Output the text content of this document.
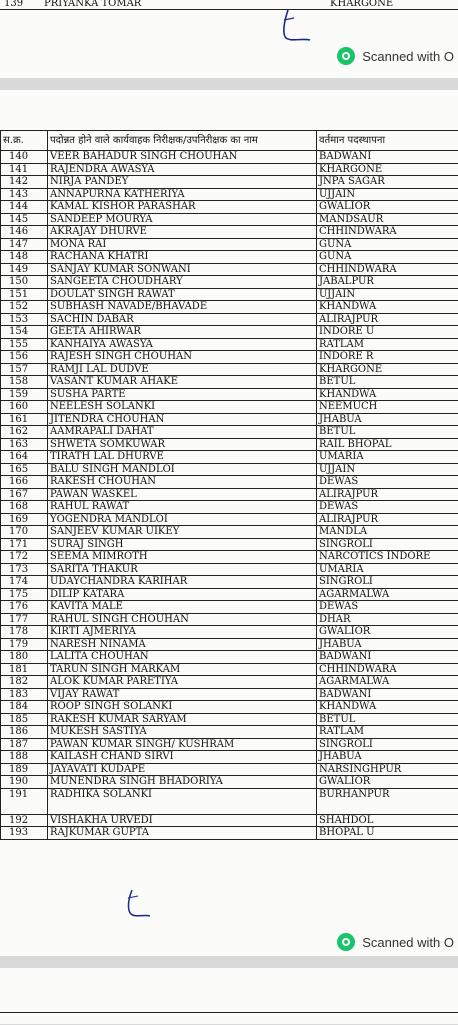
139 PRIYANKA TOMAR	KHARGONE
Scanned with O
स.क्र.	पदोन्नत होने वाले कार्यवाहक निरीक्षक/उपनिरीक्षक का नाम	वर्तमान पदस्थापना
140	VEER BAHADUR SINGH CHOUHAN	BADWANI
141	RAJENDRA AWASYA	KHARGONE
142	NIRJA PANDEY	JNPA SAGAR
143	ANNAPURNA KATHERIYA	UJJAIN
144	KAMAL KISHOR PARASHAR	GWALIOR
145	SANDEEP MOURYA	MANDSAUR
146	AKRAJAY DHURVE	CHHINDWARA
147	MONA RAI	GUNA
148	RACHANA KHATRI	GUNA
149	SANJAY KUMAR SONWANI	CHHINDWARA
150	SANGEETA CHOUDHARY	JABALPUR
151	DOULAT SINGH RAWAT	UJJAIN
152	SUBHASH NAVADE/BHAVADE	KHANDWA
153	SACHIN DABAR	ALIRAJPUR
154	GEETA AHIRWAR	INDORE U
155	KANHAIYA AWASYA	RATLAM
156	RAJESH SINGH CHOUHAN	INDORE R
157	RAMJI LAL DUDVE	KHARGONE
158	VASANT KUMAR AHAKE	BETUL
159	SUSHA PARTE	KHANDWA
160	NEELESH SOLANKI	NEEMUCH
161	JITENDRA CHOUHAN	JHABUA
162	AAMRAPALI DAHAT	BETUL
163	SHWETA SOMKUWAR	RAIL BHOPAL
164	TIRATH LAL DHURVE	UMARIA
165	BALU SINGH MANDLOI	UJJAIN
166	RAKESH CHOUHAN	DEWAS
167	PAWAN WASKEL	ALIRAJPUR
168	RAHUL RAWAT	DEWAS
169	YOGENDRA MANDLOI	ALIRAJPUR
170	SANJEEV KUMAR UIKEY	MANDLA
171	SURAJ SINGH	SINGROLI
172	SEEMA MIMROTH	NARCOTICS INDORE
173	SARITA THAKUR	UMARIA
174	UDAYCHANDRA KARIHAR	SINGROLI
175	DILIP KATARA	AGARMALWA
176	KAVITA MALE	DEWAS
177	RAHUL SINGH CHOUHAN	DHAR
178	KIRTI AJMERIYA	GWALIOR
179	NARESH NINAMA	JHABUA
180	LALITA CHOUHAN	BADWANI
181	TARUN SINGH MARKAM	CHHINDWARA
182	ALOK KUMAR PARETIYA	AGARMALWA
183	VIJAY RAWAT	BADWANI
184	ROOP SINGH SOLANKI	KHANDWA
185	RAKESH KUMAR SARYAM	BETUL
186	MUKESH SASTIYA	RATLAM
187	PAWAN KUMAR SINGH/ KUSHRAM	SINGROLI
188	KAILASH CHAND SIRVI	JHABUA
189	JAYAVATI KUDAPE	NARSINGHPUR
190	MUNENDRA SINGH BHADORIYA	GWALIOR
191	RADHIKA SOLANKI	BURHANPUR
192	VISHAKHA URVEDI	SHAHDOL
193	RAJKUMAR GUPTA	BHOPAL U
Scanned with O
